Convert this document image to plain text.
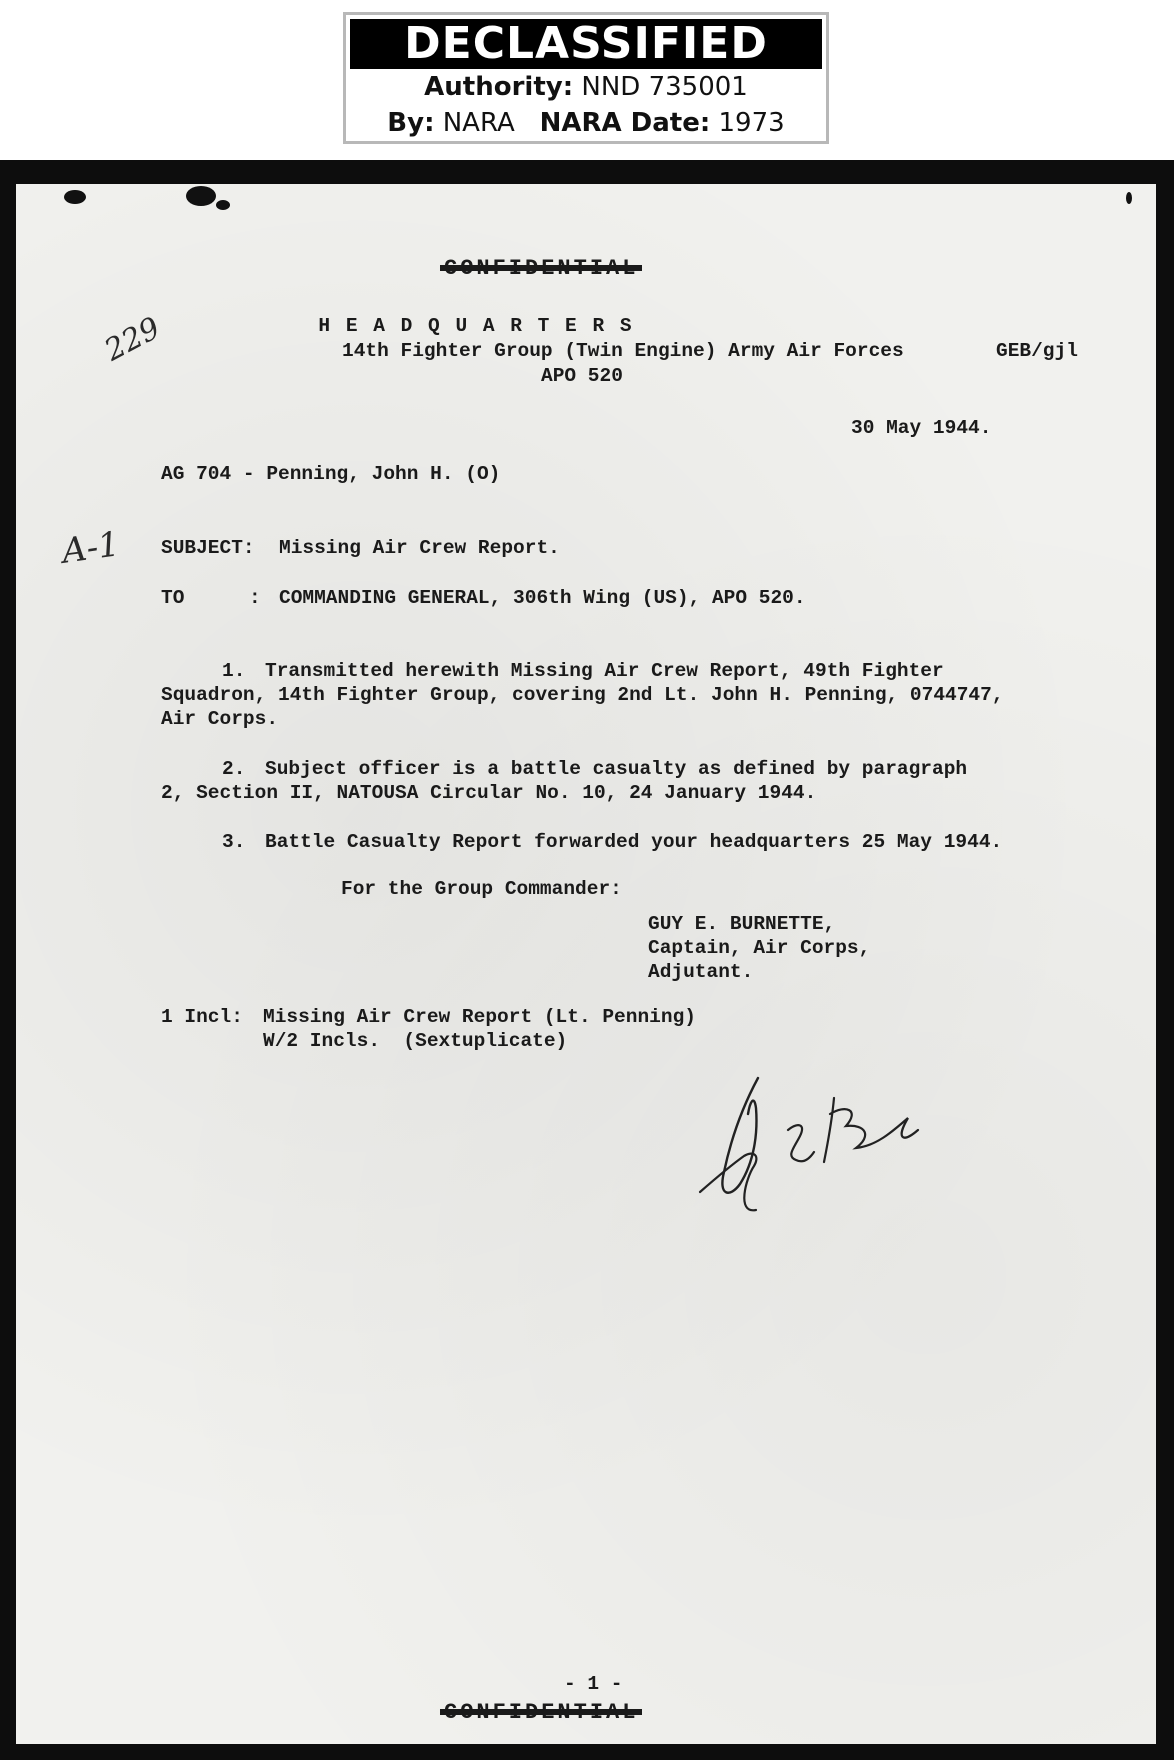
DECLASSIFIED
Authority: NND 735001
By: NARA NARA Date: 1973
229
A-1
H E A D Q U A R T E R S
14th Fighter Group (Twin Engine) Army Air Forces
APO 520
GEB/gjl
30 May 1944.
AG 704 - Penning, John H. (O)
SUBJECT: Missing Air Crew Report.
TO	: COMMANDING GENERAL, 306th Wing (US), APO 520.
1. Transmitted herewith Missing Air Crew Report, 49th Fighter
Squadron, 14th Fighter Group, covering 2nd Lt. John H. Penning, 0744747,
Air Corps.
2. Subject officer is a battle casualty as defined by paragraph
2, Section II, NATOUSA Circular No. 10, 24 January 1944.
3. Battle Casualty Report forwarded your headquarters 25 May 1944.
For the Group Commander:
GUY E. BURNETTE,
Captain, Air Corps,
Adjutant.
1 Incl: Missing Air Crew Report (Lt. Penning)
W/2 Incls.  (Sextuplicate)
- 1 -
